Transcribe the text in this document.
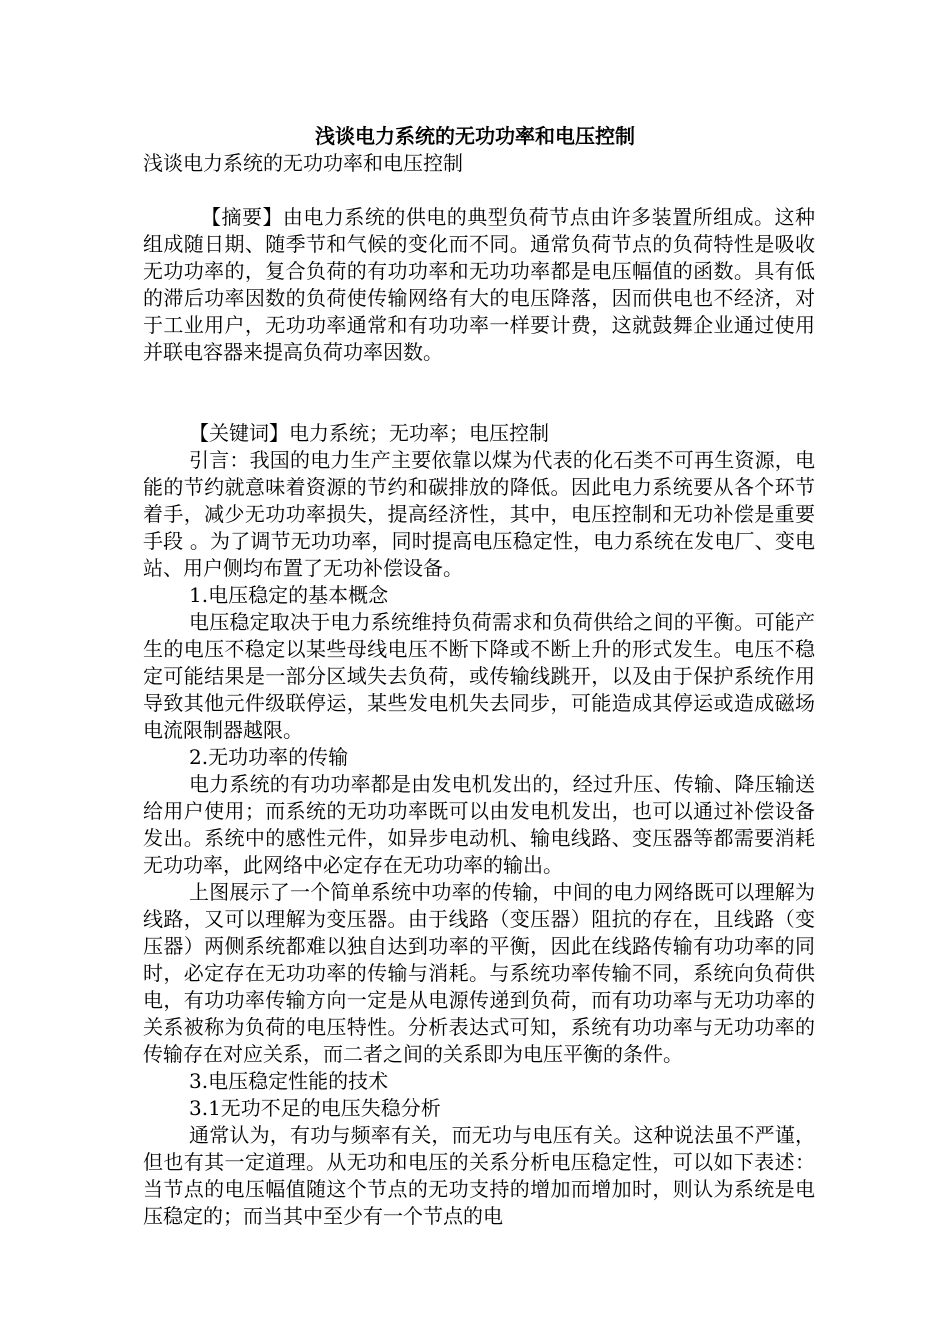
浅谈电力系统的无功功率和电压控制

浅谈电力系统的无功功率和电压控制

【摘要】由电力系统的供电的典型负荷节点由许多装置所组成。这种组成随日期、随季节和气候的变化而不同。通常负荷节点的负荷特性是吸收无功功率的，复合负荷的有功功率和无功功率都是电压幅值的函数。具有低的滞后功率因数的负荷使传输网络有大的电压降落，因而供电也不经济，对于工业用户，无功功率通常和有功功率一样要计费，这就鼓舞企业通过使用并联电容器来提高负荷功率因数。

【关键词】电力系统；无功率；电压控制

引言：我国的电力生产主要依靠以煤为代表的化石类不可再生资源，电能的节约就意味着资源的节约和碳排放的降低。因此电力系统要从各个环节着手，减少无功功率损失，提高经济性，其中，电压控制和无功补偿是重要手段 。为了调节无功功率，同时提高电压稳定性，电力系统在发电厂、变电站、用户侧均布置了无功补偿设备。

1.电压稳定的基本概念

电压稳定取决于电力系统维持负荷需求和负荷供给之间的平衡。可能产生的电压不稳定以某些母线电压不断下降或不断上升的形式发生。电压不稳定可能结果是一部分区域失去负荷，或传输线跳开，以及由于保护系统作用导致其他元件级联停运，某些发电机失去同步，可能造成其停运或造成磁场电流限制器越限。

2.无功功率的传输

电力系统的有功功率都是由发电机发出的，经过升压、传输、降压输送给用户使用；而系统的无功功率既可以由发电机发出，也可以通过补偿设备发出。系统中的感性元件，如异步电动机、输电线路、变压器等都需要消耗无功功率，此网络中必定存在无功功率的输出。

上图展示了一个简单系统中功率的传输，中间的电力网络既可以理解为线路，又可以理解为变压器。由于线路（变压器）阻抗的存在，且线路（变压器）两侧系统都难以独自达到功率的平衡，因此在线路传输有功功率的同时，必定存在无功功率的传输与消耗。与系统功率传输不同，系统向负荷供电，有功功率传输方向一定是从电源传递到负荷，而有功功率与无功功率的关系被称为负荷的电压特性。分析表达式可知，系统有功功率与无功功率的传输存在对应关系，而二者之间的关系即为电压平衡的条件。

3.电压稳定性能的技术

3.1无功不足的电压失稳分析

通常认为，有功与频率有关，而无功与电压有关。这种说法虽不严谨，但也有其一定道理。从无功和电压的关系分析电压稳定性，可以如下表述：当节点的电压幅值随这个节点的无功支持的增加而增加时，则认为系统是电压稳定的；而当其中至少有一个节点的电
